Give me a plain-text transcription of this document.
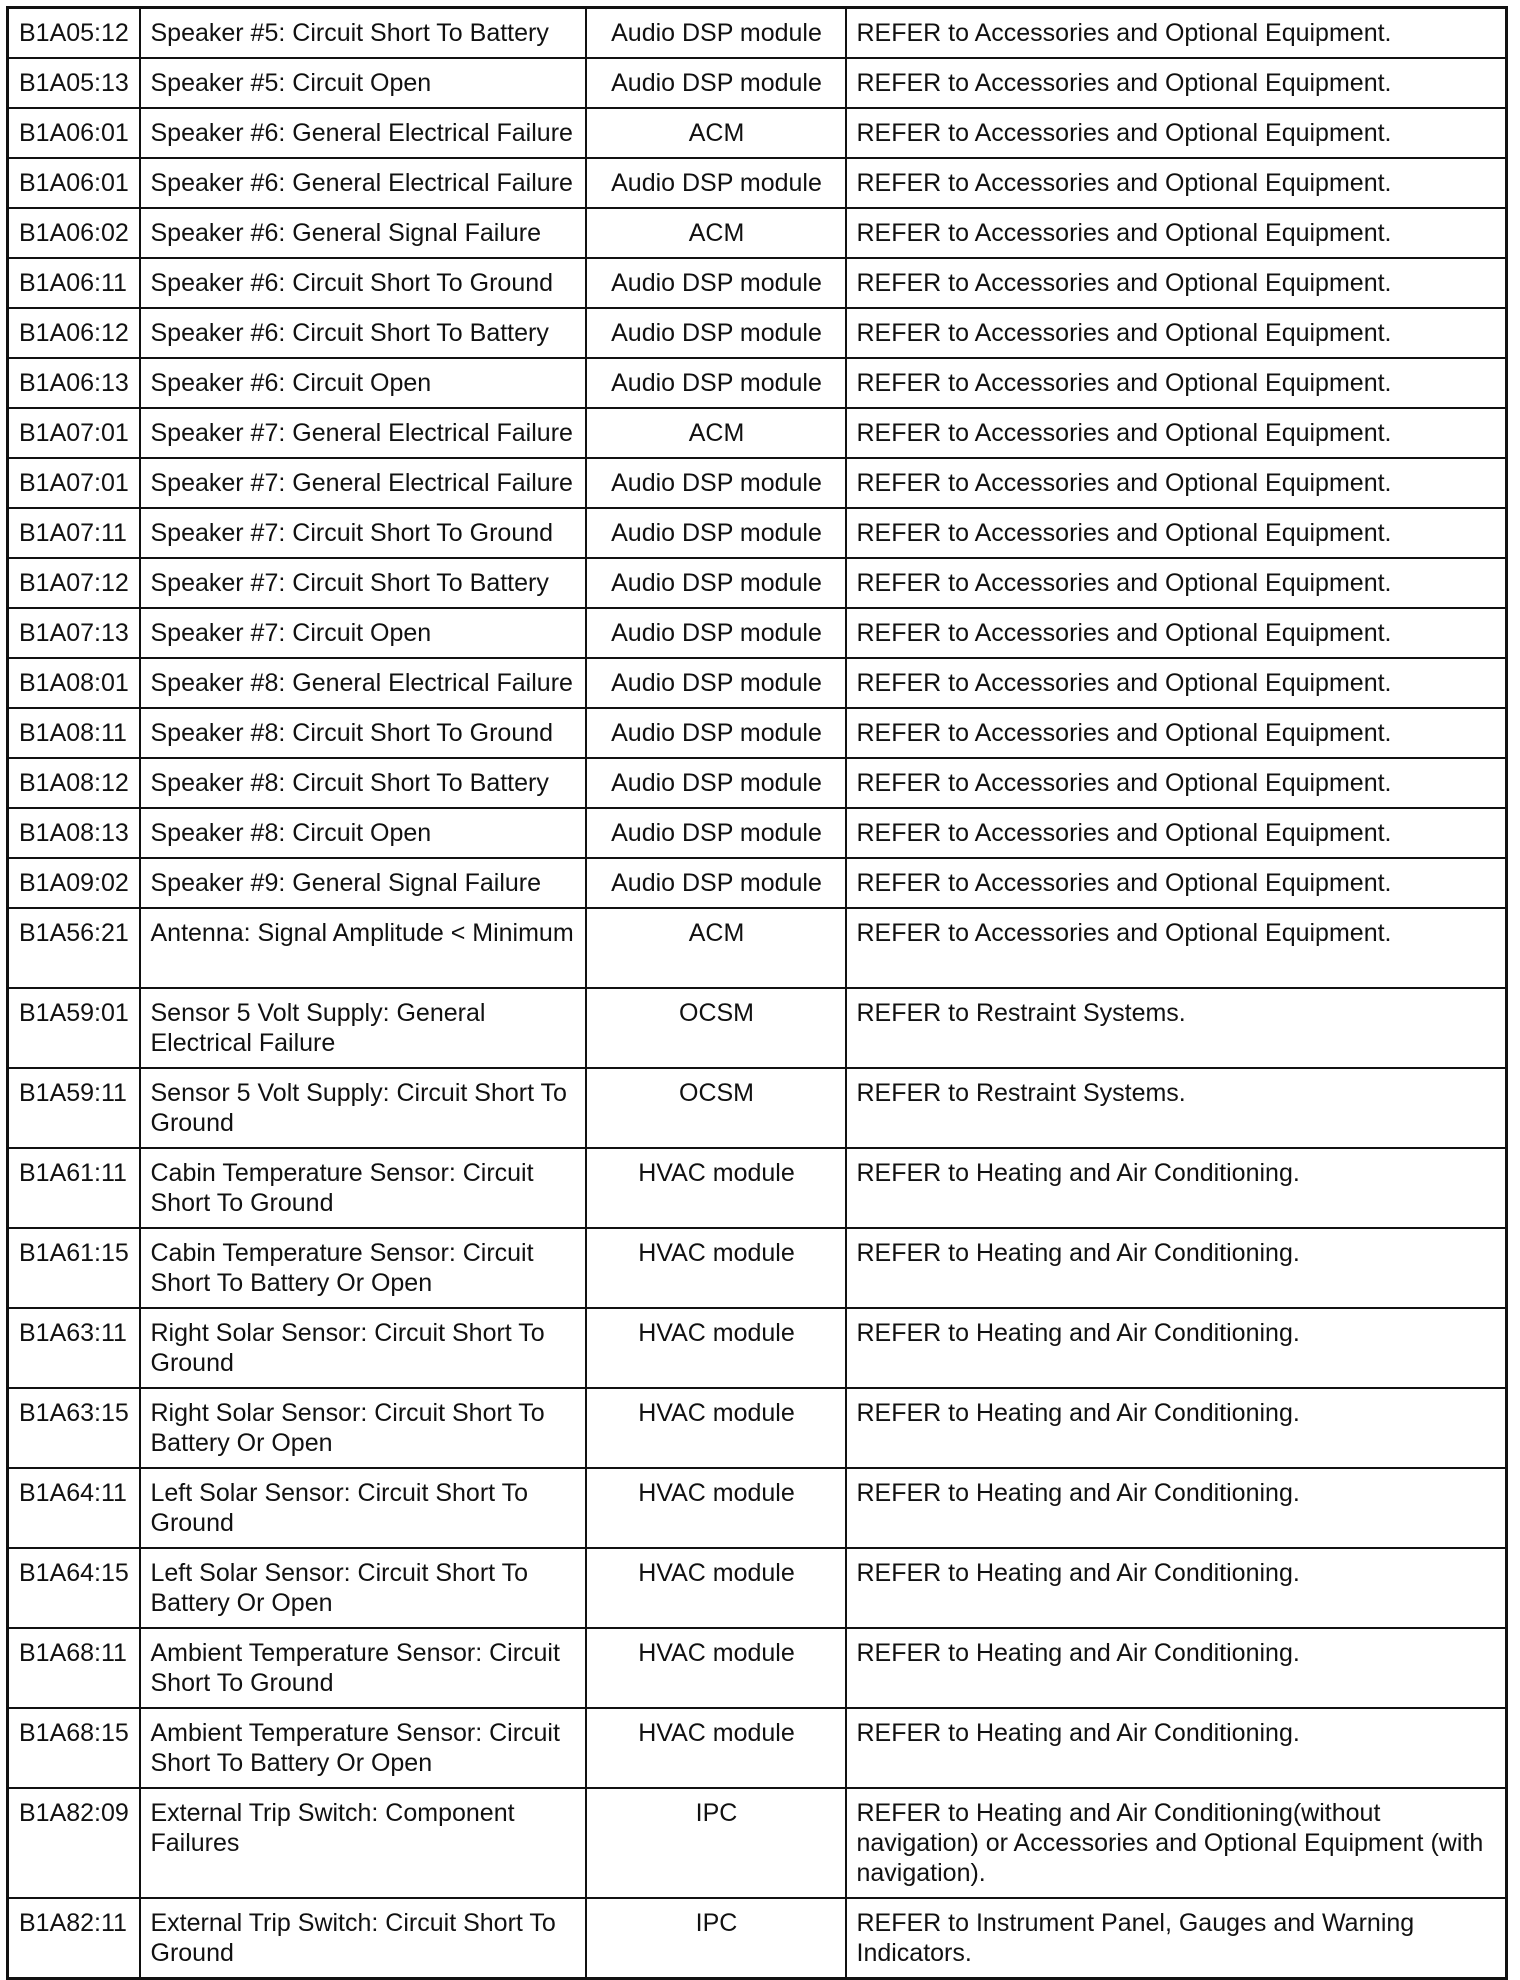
B1A05:12	Speaker #5: Circuit Short To Battery	Audio DSP module	REFER to Accessories and Optional Equipment.
B1A05:13	Speaker #5: Circuit Open	Audio DSP module	REFER to Accessories and Optional Equipment.
B1A06:01	Speaker #6: General Electrical Failure	ACM	REFER to Accessories and Optional Equipment.
B1A06:01	Speaker #6: General Electrical Failure	Audio DSP module	REFER to Accessories and Optional Equipment.
B1A06:02	Speaker #6: General Signal Failure	ACM	REFER to Accessories and Optional Equipment.
B1A06:11	Speaker #6: Circuit Short To Ground	Audio DSP module	REFER to Accessories and Optional Equipment.
B1A06:12	Speaker #6: Circuit Short To Battery	Audio DSP module	REFER to Accessories and Optional Equipment.
B1A06:13	Speaker #6: Circuit Open	Audio DSP module	REFER to Accessories and Optional Equipment.
B1A07:01	Speaker #7: General Electrical Failure	ACM	REFER to Accessories and Optional Equipment.
B1A07:01	Speaker #7: General Electrical Failure	Audio DSP module	REFER to Accessories and Optional Equipment.
B1A07:11	Speaker #7: Circuit Short To Ground	Audio DSP module	REFER to Accessories and Optional Equipment.
B1A07:12	Speaker #7: Circuit Short To Battery	Audio DSP module	REFER to Accessories and Optional Equipment.
B1A07:13	Speaker #7: Circuit Open	Audio DSP module	REFER to Accessories and Optional Equipment.
B1A08:01	Speaker #8: General Electrical Failure	Audio DSP module	REFER to Accessories and Optional Equipment.
B1A08:11	Speaker #8: Circuit Short To Ground	Audio DSP module	REFER to Accessories and Optional Equipment.
B1A08:12	Speaker #8: Circuit Short To Battery	Audio DSP module	REFER to Accessories and Optional Equipment.
B1A08:13	Speaker #8: Circuit Open	Audio DSP module	REFER to Accessories and Optional Equipment.
B1A09:02	Speaker #9: General Signal Failure	Audio DSP module	REFER to Accessories and Optional Equipment.
B1A56:21	Antenna: Signal Amplitude < Minimum	ACM	REFER to Accessories and Optional Equipment.
B1A59:01	Sensor 5 Volt Supply: General Electrical Failure	OCSM	REFER to Restraint Systems.
B1A59:11	Sensor 5 Volt Supply: Circuit Short To Ground	OCSM	REFER to Restraint Systems.
B1A61:11	Cabin Temperature Sensor: Circuit Short To Ground	HVAC module	REFER to Heating and Air Conditioning.
B1A61:15	Cabin Temperature Sensor: Circuit Short To Battery Or Open	HVAC module	REFER to Heating and Air Conditioning.
B1A63:11	Right Solar Sensor: Circuit Short To Ground	HVAC module	REFER to Heating and Air Conditioning.
B1A63:15	Right Solar Sensor: Circuit Short To Battery Or Open	HVAC module	REFER to Heating and Air Conditioning.
B1A64:11	Left Solar Sensor: Circuit Short To Ground	HVAC module	REFER to Heating and Air Conditioning.
B1A64:15	Left Solar Sensor: Circuit Short To Battery Or Open	HVAC module	REFER to Heating and Air Conditioning.
B1A68:11	Ambient Temperature Sensor: Circuit Short To Ground	HVAC module	REFER to Heating and Air Conditioning.
B1A68:15	Ambient Temperature Sensor: Circuit Short To Battery Or Open	HVAC module	REFER to Heating and Air Conditioning.
B1A82:09	External Trip Switch: Component Failures	IPC	REFER to Heating and Air Conditioning(without navigation) or Accessories and Optional Equipment (with navigation).
B1A82:11	External Trip Switch: Circuit Short To Ground	IPC	REFER to Instrument Panel, Gauges and Warning Indicators.
